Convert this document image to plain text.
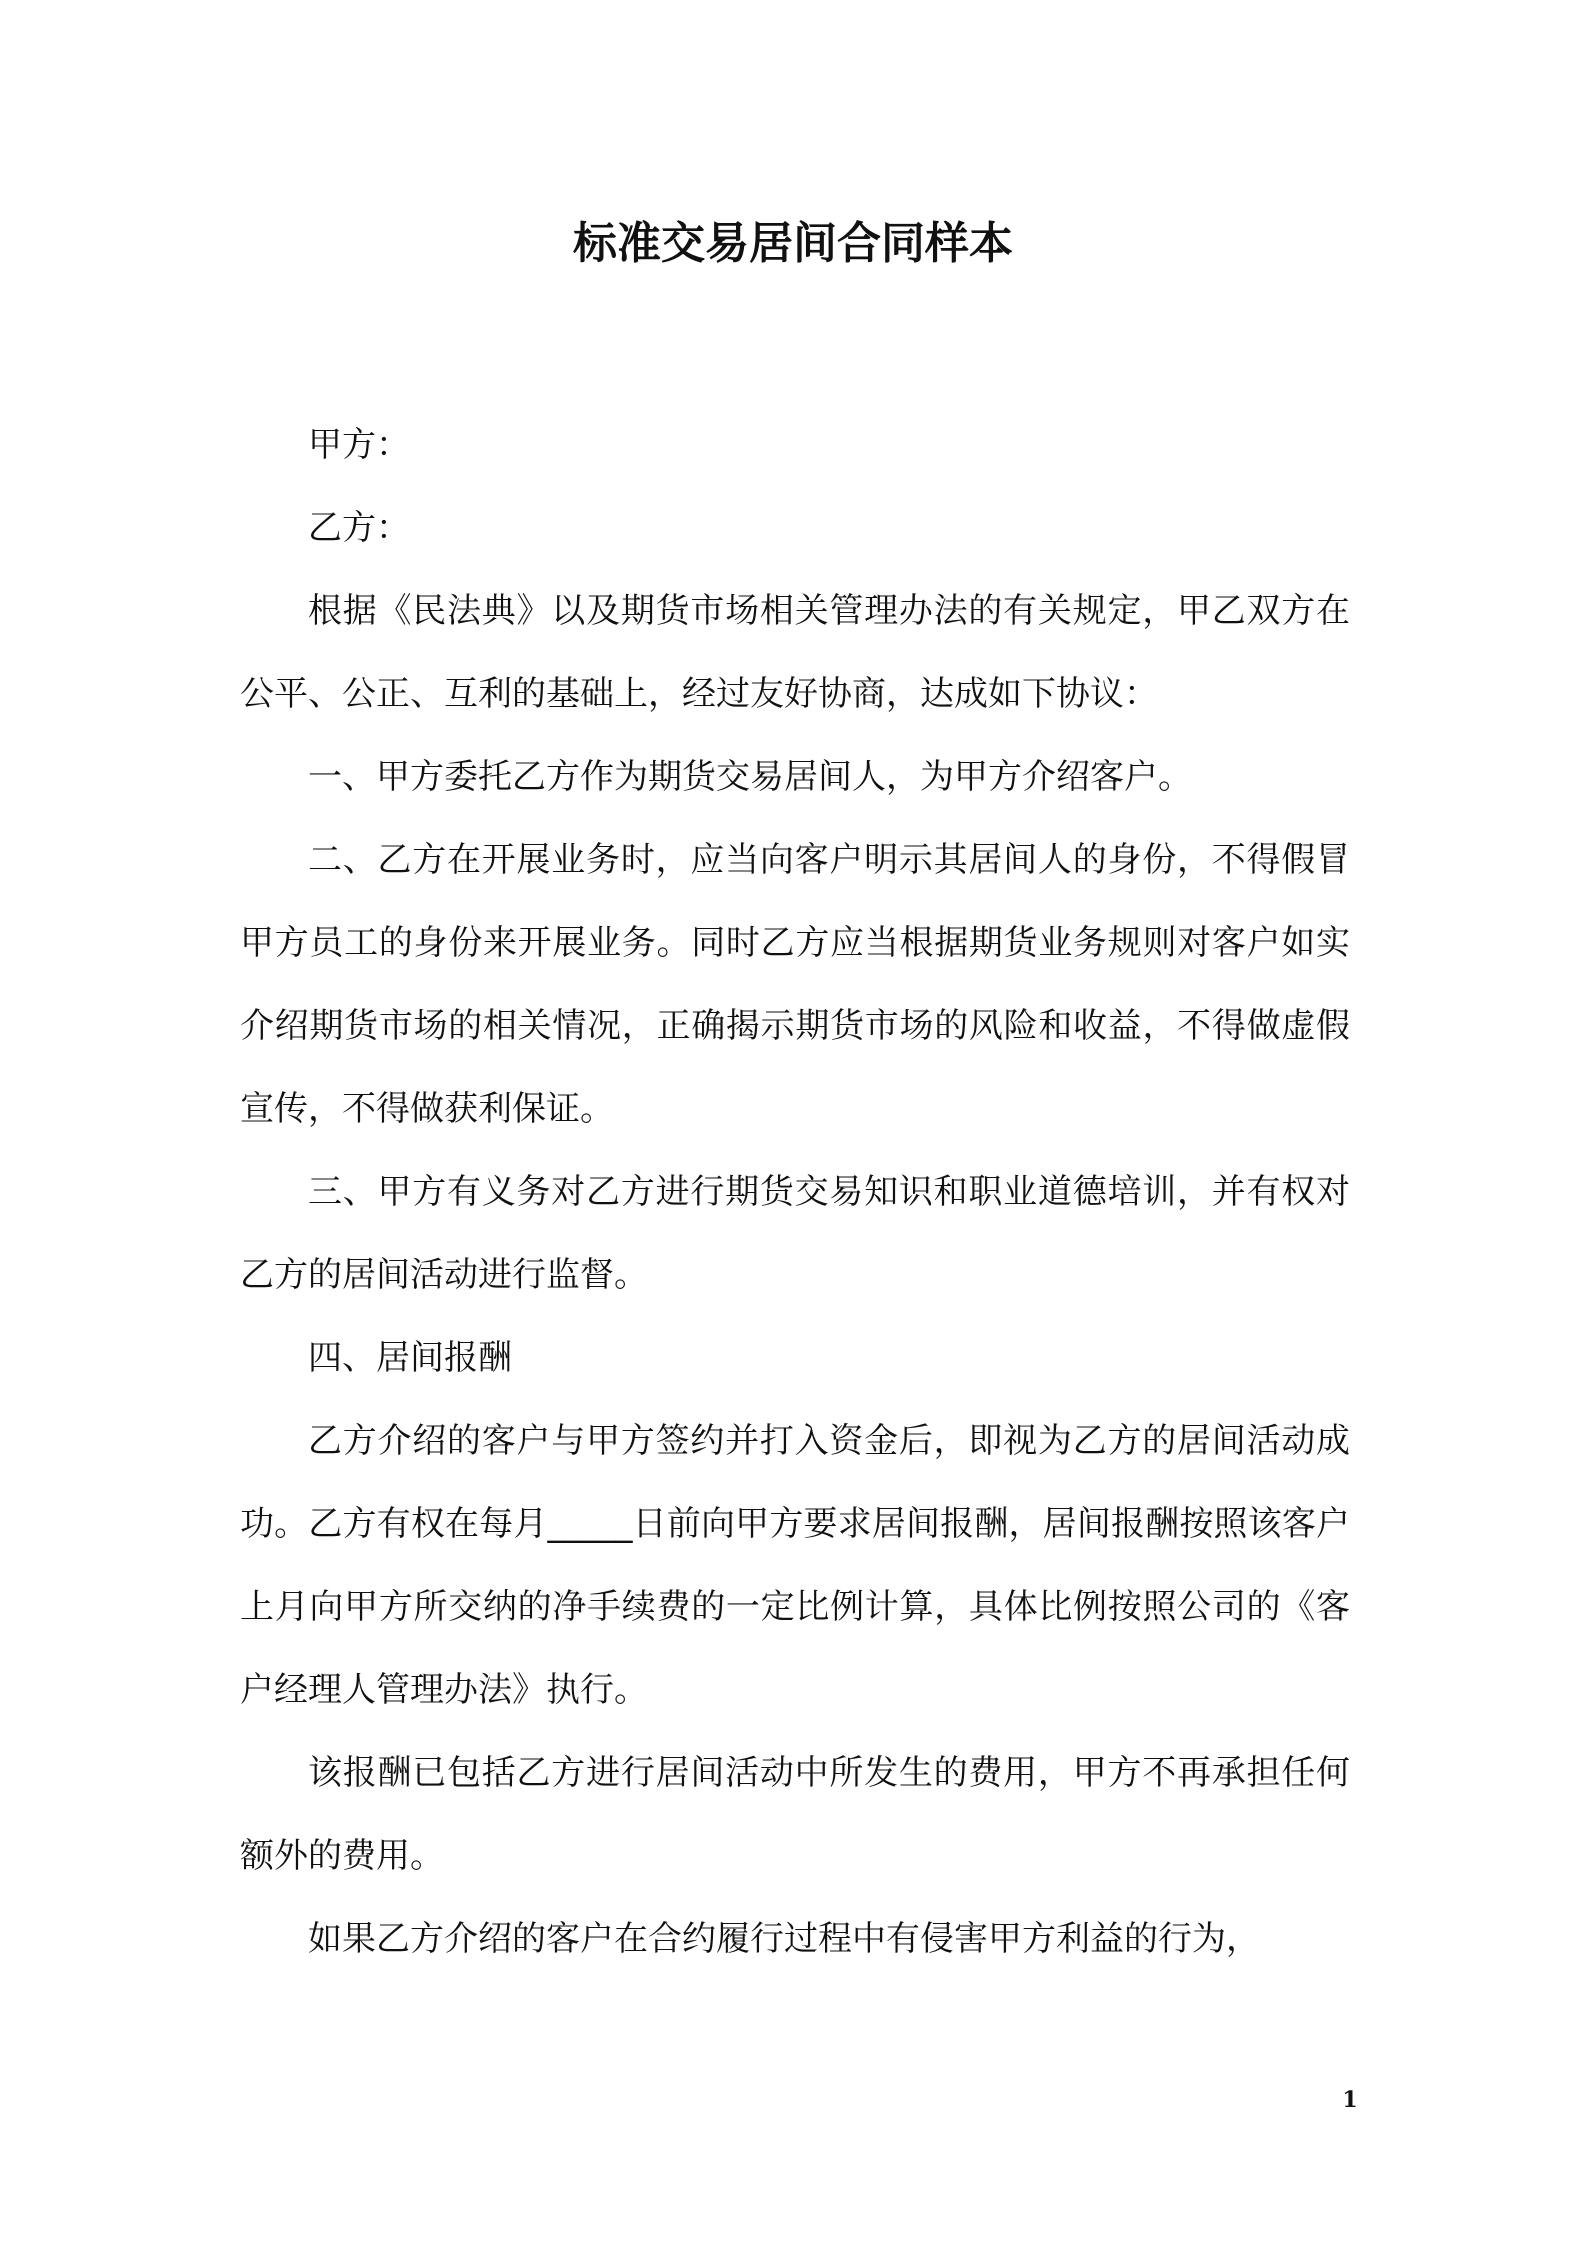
标准交易居间合同样本

甲方：

乙方：

根据《民法典》以及期货市场相关管理办法的有关规定，甲乙双方在公平、公正、互利的基础上，经过友好协商，达成如下协议：

一、甲方委托乙方作为期货交易居间人，为甲方介绍客户。

二、乙方在开展业务时，应当向客户明示其居间人的身份，不得假冒甲方员工的身份来开展业务。同时乙方应当根据期货业务规则对客户如实介绍期货市场的相关情况，正确揭示期货市场的风险和收益，不得做虚假宣传，不得做获利保证。

三、甲方有义务对乙方进行期货交易知识和职业道德培训，并有权对乙方的居间活动进行监督。

四、居间报酬

乙方介绍的客户与甲方签约并打入资金后，即视为乙方的居间活动成功。乙方有权在每月_____日前向甲方要求居间报酬，居间报酬按照该客户上月向甲方所交纳的净手续费的一定比例计算，具体比例按照公司的《客户经理人管理办法》执行。

该报酬已包括乙方进行居间活动中所发生的费用，甲方不再承担任何额外的费用。

如果乙方介绍的客户在合约履行过程中有侵害甲方利益的行为，

1
